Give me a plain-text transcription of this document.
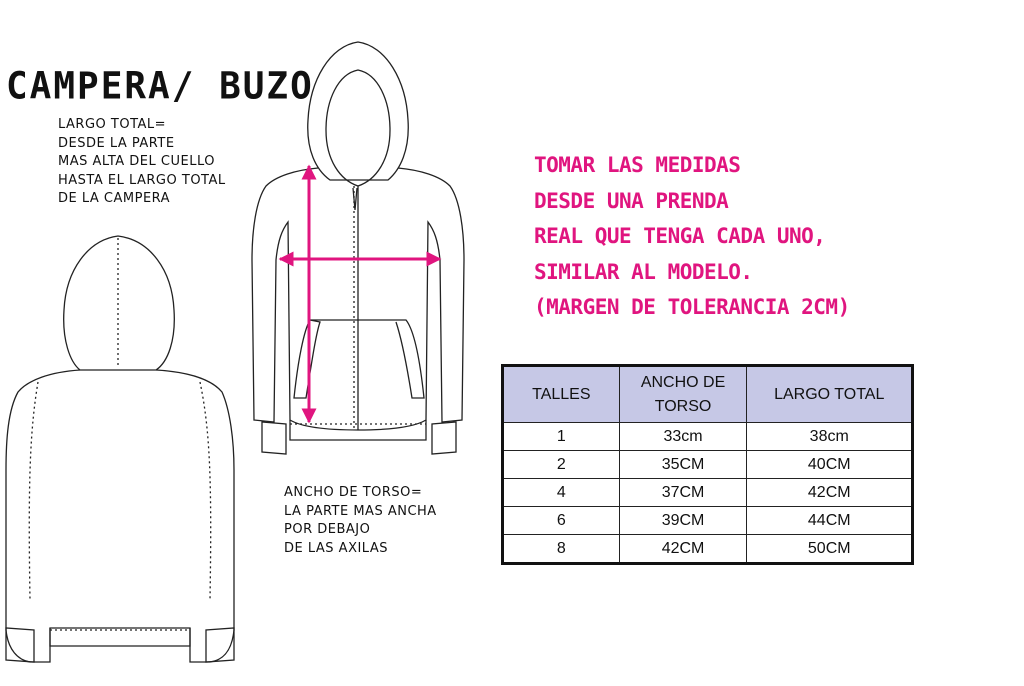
CAMPERA/ BUZO
LARGO TOTAL=
DESDE LA PARTE
MAS ALTA DEL CUELLO
HASTA EL LARGO TOTAL
DE LA CAMPERA
ANCHO DE TORSO=
LA PARTE MAS ANCHA
POR DEBAJO
DE LAS AXILAS
TOMAR LAS MEDIDAS
DESDE UNA PRENDA
REAL QUE TENGA CADA UNO,
SIMILAR AL MODELO.
(MARGEN DE TOLERANCIA 2CM)
TALLES	ANCHO DE TORSO	LARGO TOTAL
1	33cm	38cm
2	35CM	40CM
4	37CM	42CM
6	39CM	44CM
8	42CM	50CM
